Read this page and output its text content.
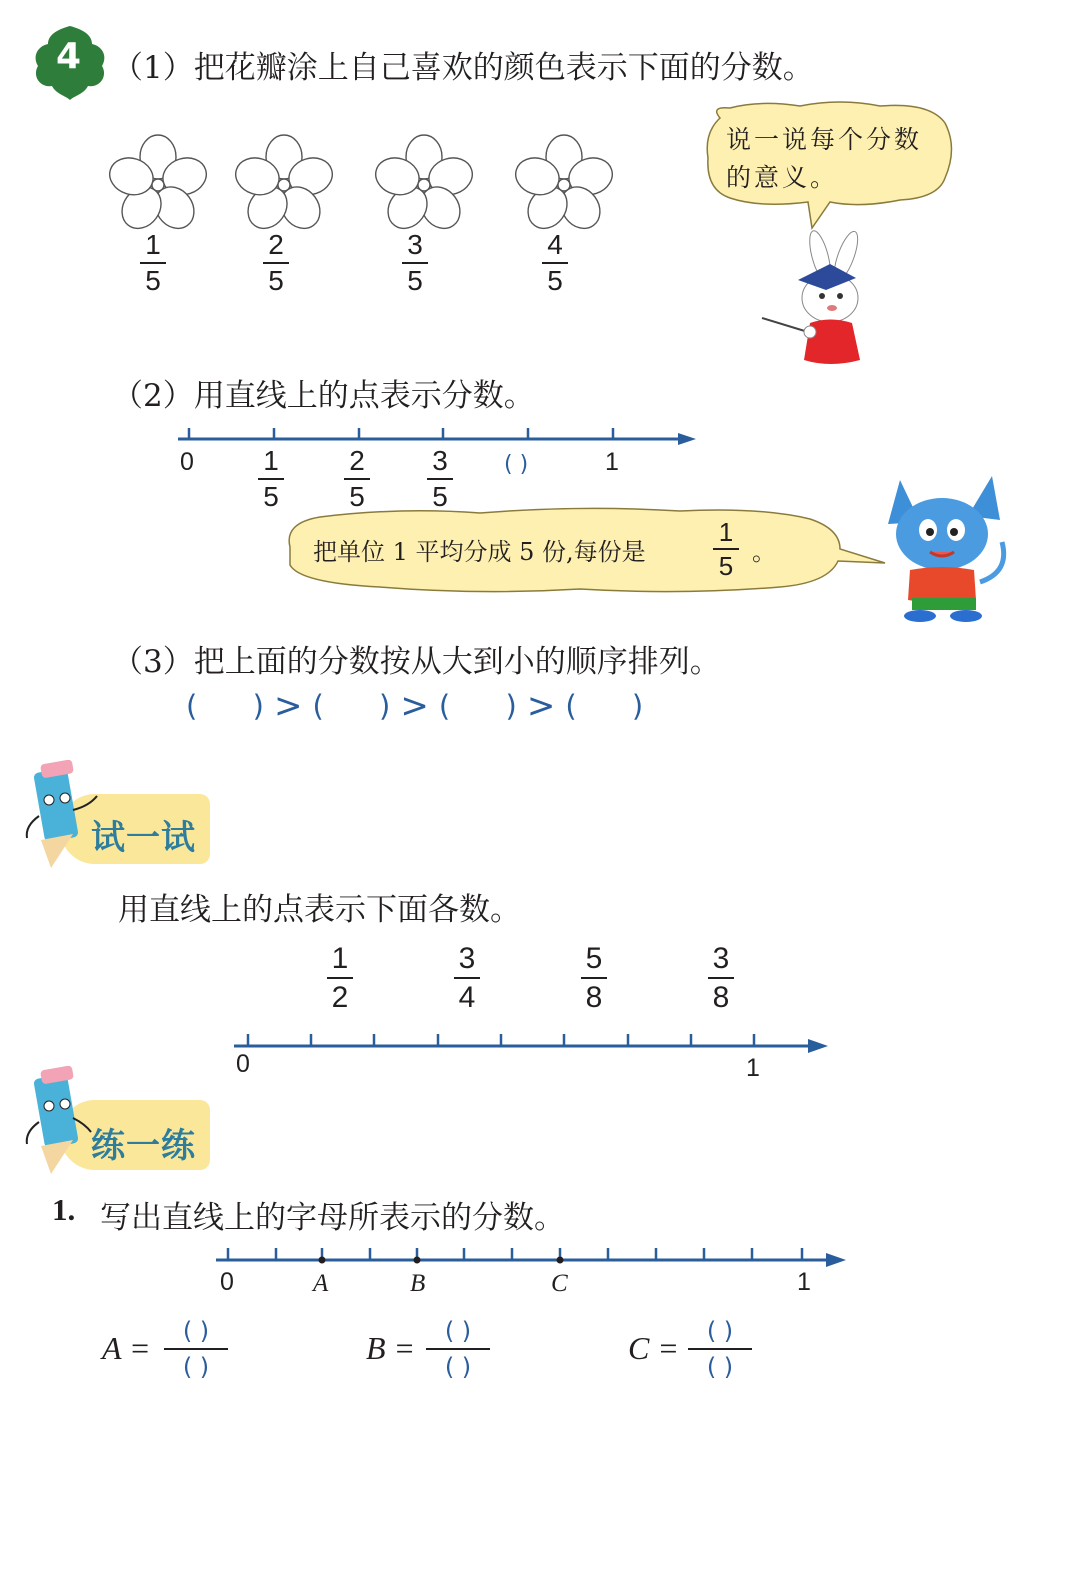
4 （1）把花瓣涂上自己喜欢的颜色表示下面的分数。
1
5
2
5
3
5
4
5
说一说每个分数
的意义。
（2）用直线上的点表示分数。
0 1
5
2
5
3
5
( )	1
把单位 1 平均分成 5 份,每份是
1
5 。
（3）把上面的分数按从大到小的顺序排列。
(      ) > (      ) > (      ) > (      )
试一试
用直线上的点表示下面各数。
1
2
3
4
5
8
3
8
0	1
练一练
1. 写出直线上的字母所表示的分数。
0	A	B	C	1
A = ( )
( )
B = ( )
( )
C = ( )
( )
